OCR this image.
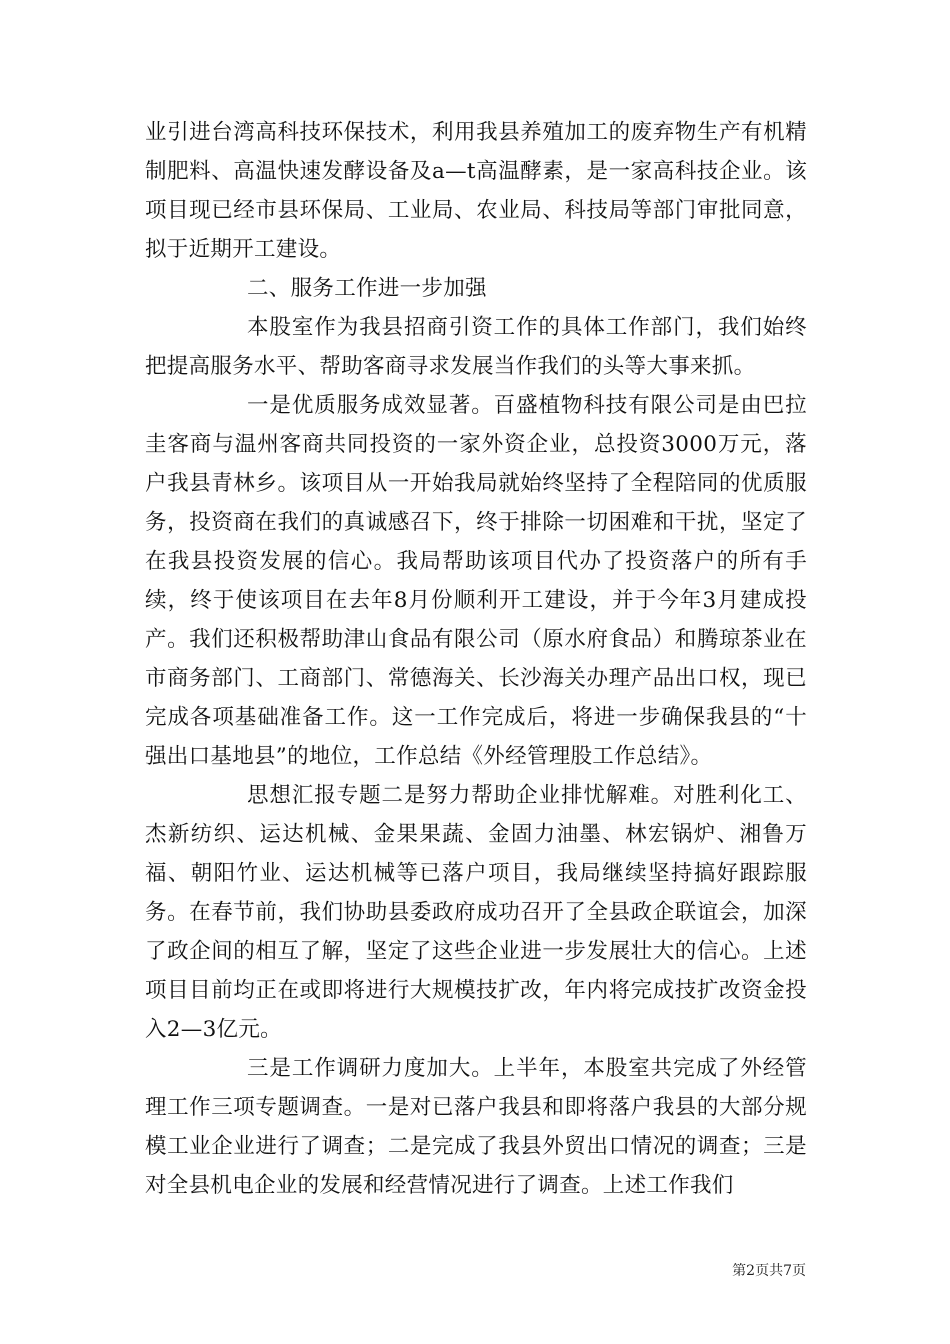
业引进台湾高科技环保技术，利用我县养殖加工的废弃物生产有机精制肥料、高温快速发酵设备及a—t高温酵素，是一家高科技企业。该项目现已经市县环保局、工业局、农业局、科技局等部门审批同意，拟于近期开工建设。

二、服务工作进一步加强

本股室作为我县招商引资工作的具体工作部门，我们始终把提高服务水平、帮助客商寻求发展当作我们的头等大事来抓。

一是优质服务成效显著。百盛植物科技有限公司是由巴拉圭客商与温州客商共同投资的一家外资企业，总投资3000万元，落户我县青林乡。该项目从一开始我局就始终坚持了全程陪同的优质服务，投资商在我们的真诚感召下，终于排除一切困难和干扰，坚定了在我县投资发展的信心。我局帮助该项目代办了投资落户的所有手续，终于使该项目在去年8月份顺利开工建设，并于今年3月建成投产。我们还积极帮助津山食品有限公司（原水府食品）和腾琼茶业在市商务部门、工商部门、常德海关、长沙海关办理产品出口权，现已完成各项基础准备工作。这一工作完成后，将进一步确保我县的“十强出口基地县”的地位，工作总结《外经管理股工作总结》。

思想汇报专题二是努力帮助企业排忧解难。对胜利化工、杰新纺织、运达机械、金果果蔬、金固力油墨、林宏锅炉、湘鲁万福、朝阳竹业、运达机械等已落户项目，我局继续坚持搞好跟踪服务。在春节前，我们协助县委政府成功召开了全县政企联谊会，加深了政企间的相互了解，坚定了这些企业进一步发展壮大的信心。上述项目目前均正在或即将进行大规模技扩改，年内将完成技扩改资金投入2—3亿元。

三是工作调研力度加大。上半年，本股室共完成了外经管理工作三项专题调查。一是对已落户我县和即将落户我县的大部分规模工业企业进行了调查；二是完成了我县外贸出口情况的调查；三是对全县机电企业的发展和经营情况进行了调查。上述工作我们

第2页共7页
